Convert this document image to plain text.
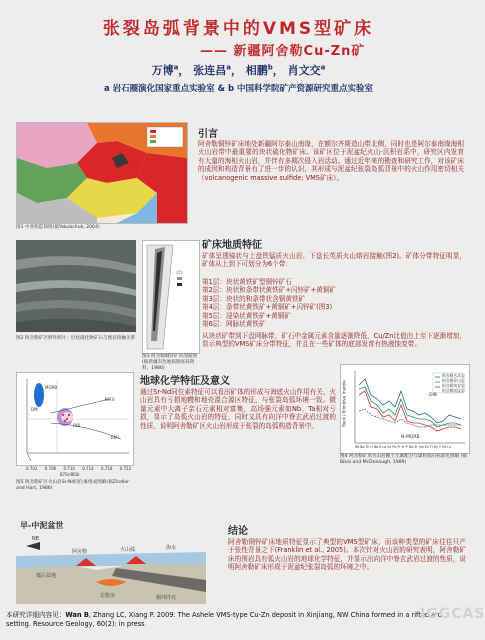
张裂岛弧背景中的VMS型矿床
—— 新疆阿舍勒Cu-Zn矿
万博$^a$， 张连昌$^a$， 相鹏$^b$， 肖文交$^a$
a 岩石圈演化国家重点实验室 & b 中国科学院矿产资源研究重点实验室
图1 中亚构造简图(据Yakubchuk, 2004)
引言
阿舍勒铜锌矿床地处新疆阿尔泰山南缘，在额尔齐斯造山带北侧，同时也是阿尔泰南缘海相火山岩带中最重要的块状硫化物矿床。该矿区位于泥盆纪火山-沉积岩系中，研究区内发育有大量的海相火山岩，并伴有多期次侵入岩活动。通过近年来的勘查和研究工作，对该矿床的成因和构造背景有了进一步的认识，其形成与泥盆纪张裂岛弧背景中的火山作用密切相关（volcanogenic massive sulfide; VMS矿床）。
图2 阿舍勒矿区野外照片：层状硫化物矿石与围岩接触关系
图3 阿舍勒铜锌矿床剖面图(据新疆有色地质勘查局资料，1986)
矿床地质特征
矿体呈透镜状与上盘铁锰质火山岩、下盘长英质火山熔岩接触(图2)。矿体分带特征明显，矿体从上到下可划分为6个带：
第1层：块状黄铁矿型铜锌矿石
第2层：块状和条带状黄铁矿+闪锌矿+黄铜矿
第3层：块状的和条带状含铜黄铁矿
第4层：条带状黄铁矿+黄铜矿+闪锌矿(图3)
第5层：浸染状黄铁矿+黄铜矿
第6层：网脉状黄铁矿
从块状矿带到下盘网脉带，矿石中金属元素含量逐渐降低，Cu/Zn比值由上至下逐渐增加，显示典型的VMS矿床分带特征，并且在一些矿体的底部发育有热液蚀变带。
阿舍勒玄武岩
阿舍勒安山岩
阿舍勒英安岩
阿舍勒流纹岩
N-MORB
OIB
Rock / Primitive mantle
Rb Ba Th U Nb K La Ce Pb Pr Sr P Nd Zr Sm Eu Ti Dy Y Yb Lu
图4 阿舍勒矿床火山岩稀土元素配分与球粒陨石标准化图解 (据Bikai and McDonough, 1989)
MORB
DM
OIB
EM I
EM II
0.702 0.706 0.710 0.714 0.718 0.722
87Sr/86Sr
图5 阿舍勒矿区火山岩Sr-Nd同位素组成图解(据Zindler and Hart, 1986)
地球化学特征及意义
通过Sr-Nd同位素特征可以看出矿体的形成与海底火山作用有关，火山岩具有亏损地幔和地壳混合源区特征，与张裂岛弧环境一致。微量元素中大离子亲石元素相对富集，高场强元素如Nb、Ta相对亏损，显示了岛弧火山岩的特征，同时又具有向洋中脊玄武岩过渡的性质，说明阿舍勒矿区火山岩形成于张裂的岛弧构造背景中。
早-中泥盆世
NE
弧后盆地
火山弧
俯冲洋壳
岩浆房
阿舍勒
海水
结论
阿舍勒铜锌矿床地质特征显示了典型的VMS型矿床，而该种类型的矿床往往只产于张性背景之下(Franklin et al., 2005)。本次针对火山岩的研究表明，阿舍勒矿床的围岩具有弧火山岩的地球化学特征，并显示出向洋中脊玄武岩过渡的性质，说明阿舍勒矿床形成于泥盆纪张裂岛弧的环境之中。
本研究详细内容见：Wan B, Zhang LC, Xiang P. 2009. The Ashele VMS-type Cu-Zn deposit in Xinjiang, NW China formed in a rifted arc setting. Resource Geology, 60(2): in press
IGGCAS
